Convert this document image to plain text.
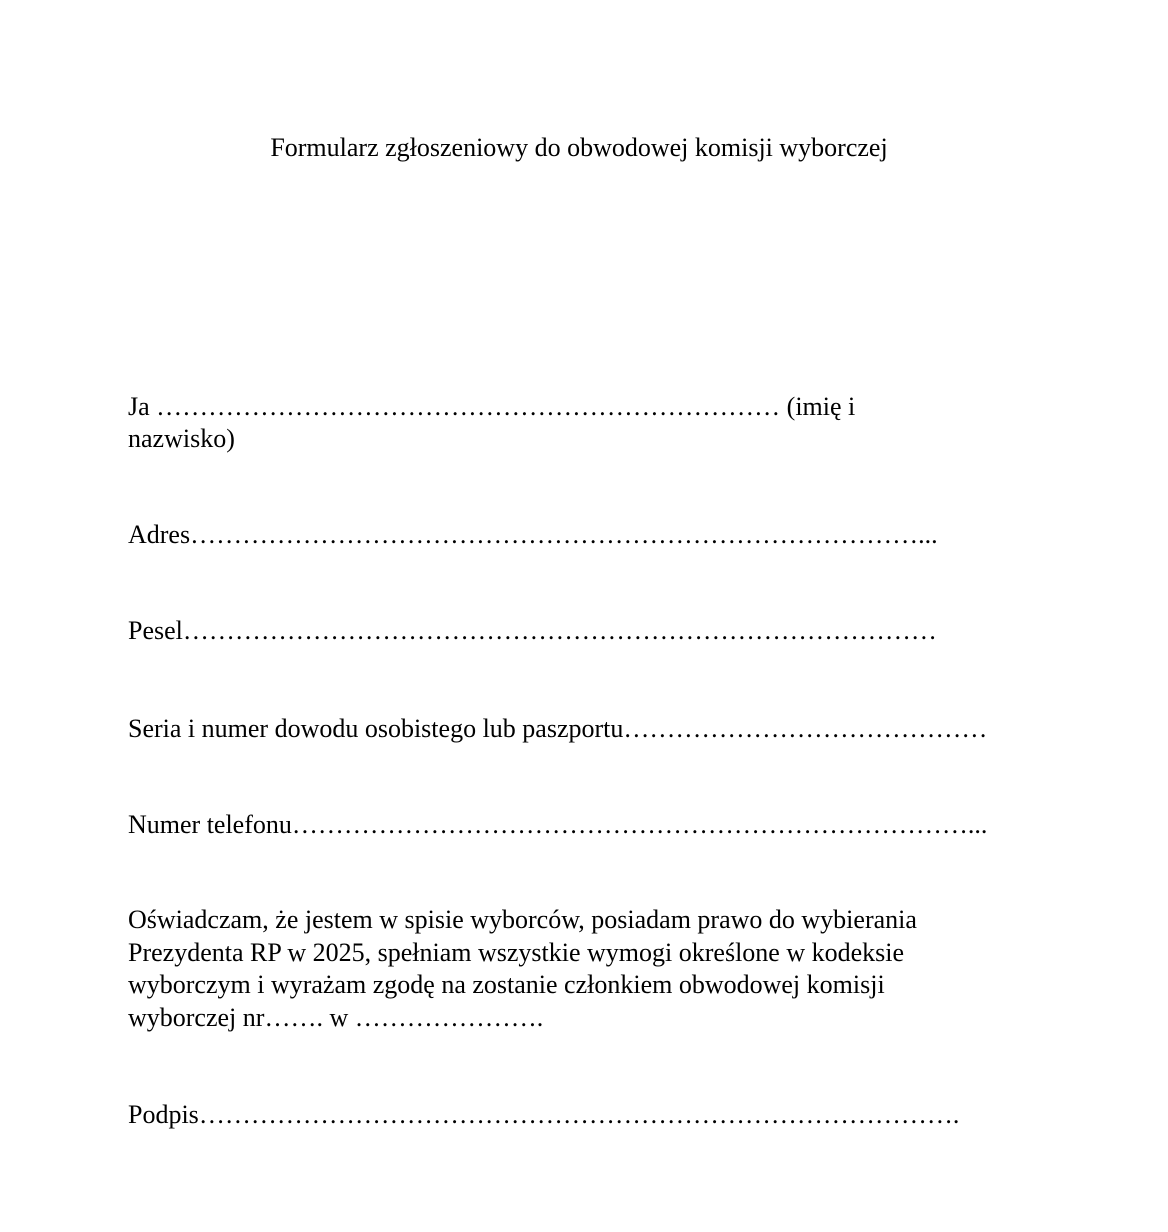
Formularz zgłoszeniowy do obwodowej komisji wyborczej
Ja ……………………………………………………………… (imię i
nazwisko)
Adres…………………………………………………………………………...
Pesel……………………………………………………………………………
Seria i numer dowodu osobistego lub paszportu……………………………………
Numer telefonu……………………………………………………………………...
Oświadczam, że jestem w spisie wyborców, posiadam prawo do wybierania
Prezydenta RP w 2025, spełniam wszystkie wymogi określone w kodeksie
wyborczym i wyrażam zgodę na zostanie członkiem obwodowej komisji
wyborczej nr……. w ………………….
Podpis…………………………………………………………………………….
